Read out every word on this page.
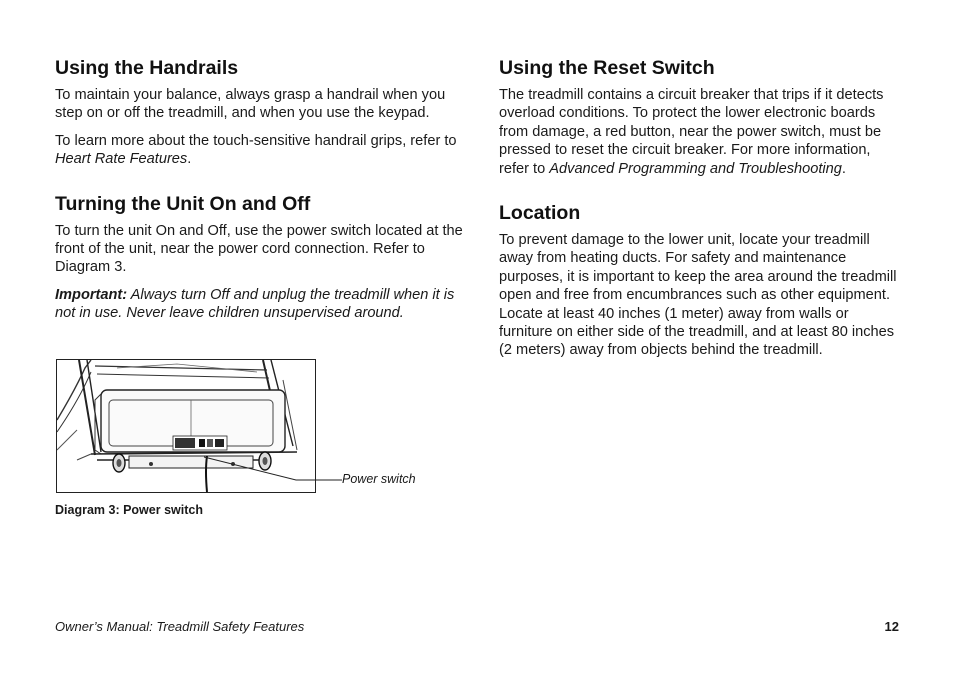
Using the Handrails

To maintain your balance, always grasp a handrail when you step on or off the treadmill, and when you use the keypad.

To learn more about the touch-sensitive handrail grips, refer to Heart Rate Features.

Turning the Unit On and Off

To turn the unit On and Off, use the power switch located at the front of the unit, near the power cord connection. Refer to Diagram 3.

Important: Always turn Off and unplug the treadmill when it is not in use. Never leave children unsupervised around.

Power switch
Diagram 3: Power switch
Using the Reset Switch

The treadmill contains a circuit breaker that trips if it detects overload conditions. To protect the lower electronic boards from damage, a red button, near the power switch, must be pressed to reset the circuit breaker. For more information, refer to Advanced Programming and Troubleshooting.

Location

To prevent damage to the lower unit, locate your treadmill away from heating ducts. For safety and maintenance purposes, it is important to keep the area around the treadmill open and free from encumbrances such as other equipment. Locate at least 40 inches (1 meter) away from walls or furniture on either side of the treadmill, and at least 80 inches (2 meters) away from objects behind the treadmill.

Owner’s Manual: Treadmill Safety Features	12
